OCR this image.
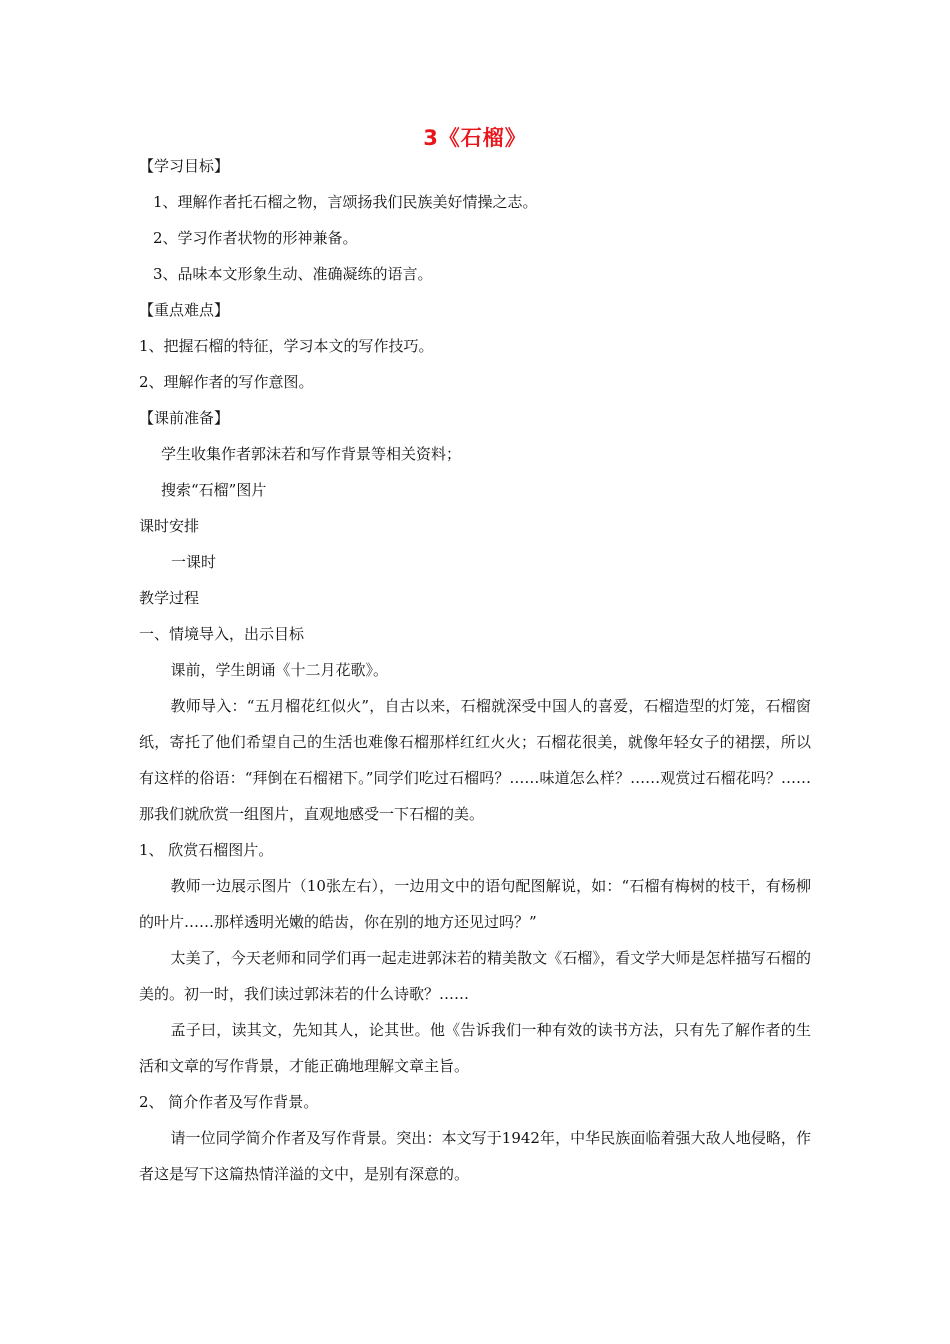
3《石榴》
【学习目标】
1、理解作者托石榴之物，言颂扬我们民族美好情操之志。
2、学习作者状物的形神兼备。
3、品味本文形象生动、准确凝练的语言。
【重点难点】
1、把握石榴的特征，学习本文的写作技巧。
2、理解作者的写作意图。
【课前准备】
学生收集作者郭沫若和写作背景等相关资料；
搜索“石榴”图片
课时安排
一课时
教学过程
一、情境导入，出示目标
课前，学生朗诵《十二月花歌》。
教师导入：“五月榴花红似火”，自古以来，石榴就深受中国人的喜爱，石榴造型的灯笼，石榴窗纸，寄托了他们希望自己的生活也难像石榴那样红红火火；石榴花很美，就像年轻女子的裙摆，所以有这样的俗语：“拜倒在石榴裙下。”同学们吃过石榴吗？……味道怎么样？……观赏过石榴花吗？……那我们就欣赏一组图片，直观地感受一下石榴的美。
1、 欣赏石榴图片。
教师一边展示图片（10张左右），一边用文中的语句配图解说，如：“石榴有梅树的枝干，有杨柳的叶片……那样透明光嫩的皓齿，你在别的地方还见过吗？”
太美了，今天老师和同学们再一起走进郭沫若的精美散文《石榴》，看文学大师是怎样描写石榴的美的。初一时，我们读过郭沫若的什么诗歌？……
孟子曰，读其文，先知其人，论其世。他《告诉我们一种有效的读书方法，只有先了解作者的生活和文章的写作背景，才能正确地理解文章主旨。
2、 简介作者及写作背景。
请一位同学简介作者及写作背景。突出：本文写于1942年，中华民族面临着强大敌人地侵略，作者这是写下这篇热情洋溢的文中，是别有深意的。
